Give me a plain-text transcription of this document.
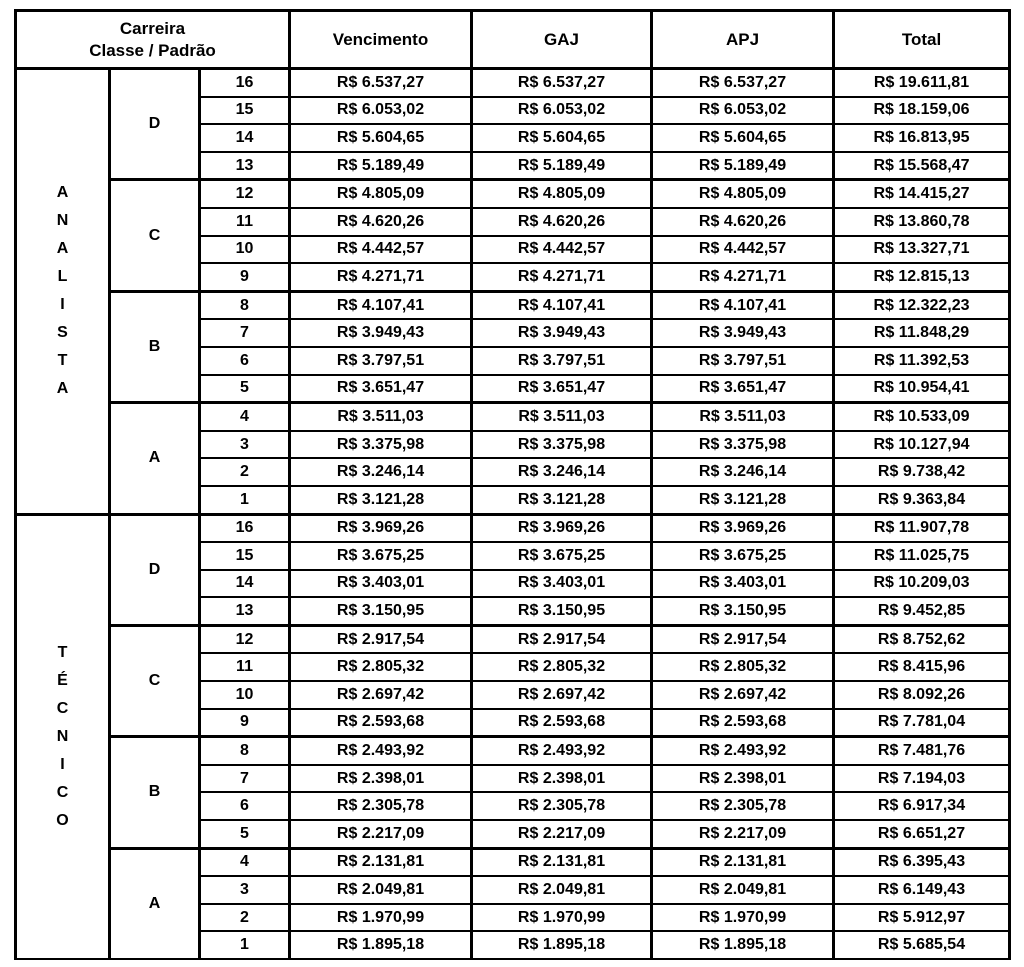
Carreira
Classe / Padrão			Vencimento	GAJ	APJ	Total

A
N
A
L
I
S
T
A
	D	16	R$ 6.537,27	R$ 6.537,27	R$ 6.537,27	R$ 19.611,81
		15	R$ 6.053,02	R$ 6.053,02	R$ 6.053,02	R$ 18.159,06
		14	R$ 5.604,65	R$ 5.604,65	R$ 5.604,65	R$ 16.813,95
		13	R$ 5.189,49	R$ 5.189,49	R$ 5.189,49	R$ 15.568,47
	C	12	R$ 4.805,09	R$ 4.805,09	R$ 4.805,09	R$ 14.415,27
		11	R$ 4.620,26	R$ 4.620,26	R$ 4.620,26	R$ 13.860,78
		10	R$ 4.442,57	R$ 4.442,57	R$ 4.442,57	R$ 13.327,71
		9	R$ 4.271,71	R$ 4.271,71	R$ 4.271,71	R$ 12.815,13
	B	8	R$ 4.107,41	R$ 4.107,41	R$ 4.107,41	R$ 12.322,23
		7	R$ 3.949,43	R$ 3.949,43	R$ 3.949,43	R$ 11.848,29
		6	R$ 3.797,51	R$ 3.797,51	R$ 3.797,51	R$ 11.392,53
		5	R$ 3.651,47	R$ 3.651,47	R$ 3.651,47	R$ 10.954,41
	A	4	R$ 3.511,03	R$ 3.511,03	R$ 3.511,03	R$ 10.533,09
		3	R$ 3.375,98	R$ 3.375,98	R$ 3.375,98	R$ 10.127,94
		2	R$ 3.246,14	R$ 3.246,14	R$ 3.246,14	R$ 9.738,42
		1	R$ 3.121,28	R$ 3.121,28	R$ 3.121,28	R$ 9.363,84

T
É
C
N
I
C
O
	D	16	R$ 3.969,26	R$ 3.969,26	R$ 3.969,26	R$ 11.907,78
		15	R$ 3.675,25	R$ 3.675,25	R$ 3.675,25	R$ 11.025,75
		14	R$ 3.403,01	R$ 3.403,01	R$ 3.403,01	R$ 10.209,03
		13	R$ 3.150,95	R$ 3.150,95	R$ 3.150,95	R$ 9.452,85
	C	12	R$ 2.917,54	R$ 2.917,54	R$ 2.917,54	R$ 8.752,62
		11	R$ 2.805,32	R$ 2.805,32	R$ 2.805,32	R$ 8.415,96
		10	R$ 2.697,42	R$ 2.697,42	R$ 2.697,42	R$ 8.092,26
		9	R$ 2.593,68	R$ 2.593,68	R$ 2.593,68	R$ 7.781,04
	B	8	R$ 2.493,92	R$ 2.493,92	R$ 2.493,92	R$ 7.481,76
		7	R$ 2.398,01	R$ 2.398,01	R$ 2.398,01	R$ 7.194,03
		6	R$ 2.305,78	R$ 2.305,78	R$ 2.305,78	R$ 6.917,34
		5	R$ 2.217,09	R$ 2.217,09	R$ 2.217,09	R$ 6.651,27
	A	4	R$ 2.131,81	R$ 2.131,81	R$ 2.131,81	R$ 6.395,43
		3	R$ 2.049,81	R$ 2.049,81	R$ 2.049,81	R$ 6.149,43
		2	R$ 1.970,99	R$ 1.970,99	R$ 1.970,99	R$ 5.912,97
		1	R$ 1.895,18	R$ 1.895,18	R$ 1.895,18	R$ 5.685,54
